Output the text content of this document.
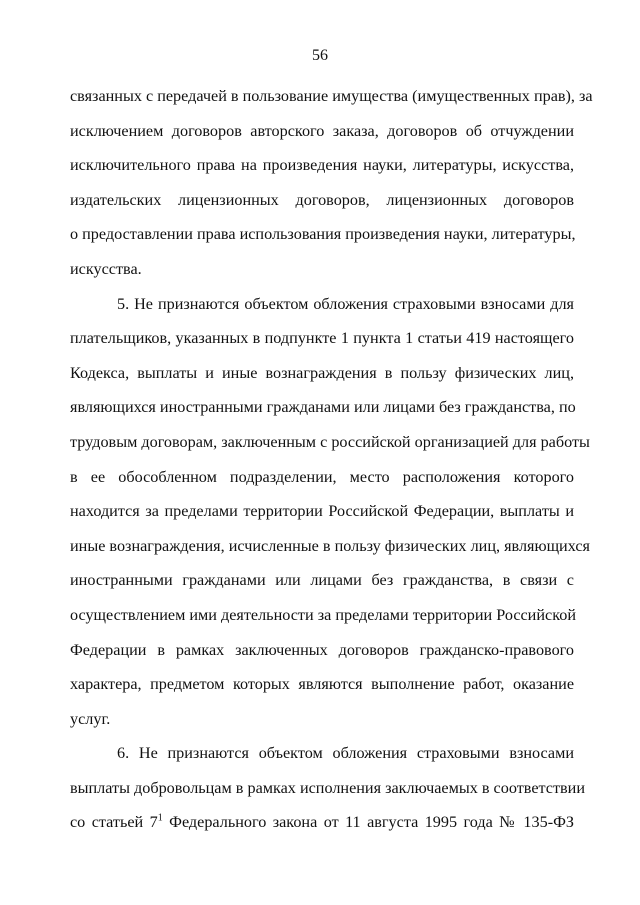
56
связанных с передачей в пользование имущества (имущественных прав), за
исключением договоров авторского заказа, договоров об отчуждении
исключительного права на произведения науки, литературы, искусства,
издательских лицензионных договоров, лицензионных договоров
о предоставлении права использования произведения науки, литературы,
искусства.
5. Не признаются объектом обложения страховыми взносами для
плательщиков, указанных в подпункте 1 пункта 1 статьи 419 настоящего
Кодекса, выплаты и иные вознаграждения в пользу физических лиц,
являющихся иностранными гражданами или лицами без гражданства, по
трудовым договорам, заключенным с российской организацией для работы
в ее обособленном подразделении, место расположения которого
находится за пределами территории Российской Федерации, выплаты и
иные вознаграждения, исчисленные в пользу физических лиц, являющихся
иностранными гражданами или лицами без гражданства, в связи с
осуществлением ими деятельности за пределами территории Российской
Федерации в рамках заключенных договоров гражданско-правового
характера, предметом которых являются выполнение работ, оказание
услуг.
6. Не признаются объектом обложения страховыми взносами
выплаты добровольцам в рамках исполнения заключаемых в соответствии
со статьей $7^1$ Федерального закона от 11 августа 1995 года № 135-ФЗ
